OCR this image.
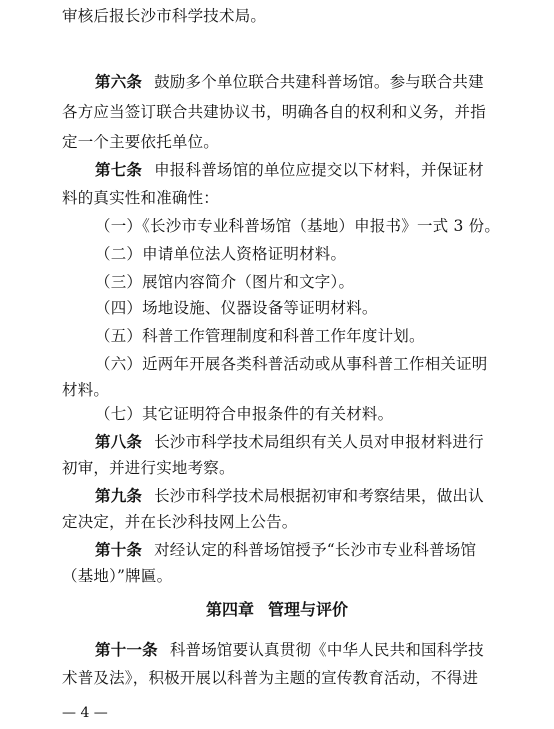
审核后报长沙市科学技术局。
第六条 鼓励多个单位联合共建科普场馆。参与联合共建
各方应当签订联合共建协议书，明确各自的权利和义务，并指
定一个主要依托单位。
第七条 申报科普场馆的单位应提交以下材料，并保证材
料的真实性和准确性：
（一）《长沙市专业科普场馆（基地）申报书》一式 3 份。
（二）申请单位法人资格证明材料。
（三）展馆内容简介（图片和文字）。
（四）场地设施、仪器设备等证明材料。
（五）科普工作管理制度和科普工作年度计划。
（六）近两年开展各类科普活动或从事科普工作相关证明
材料。
（七）其它证明符合申报条件的有关材料。
第八条 长沙市科学技术局组织有关人员对申报材料进行
初审，并进行实地考察。
第九条 长沙市科学技术局根据初审和考察结果，做出认
定决定，并在长沙科技网上公告。
第十条 对经认定的科普场馆授予“长沙市专业科普场馆
（基地）”牌匾。
第四章 管理与评价
第十一条 科普场馆要认真贯彻《中华人民共和国科学技
术普及法》，积极开展以科普为主题的宣传教育活动，不得进
— 4 —
